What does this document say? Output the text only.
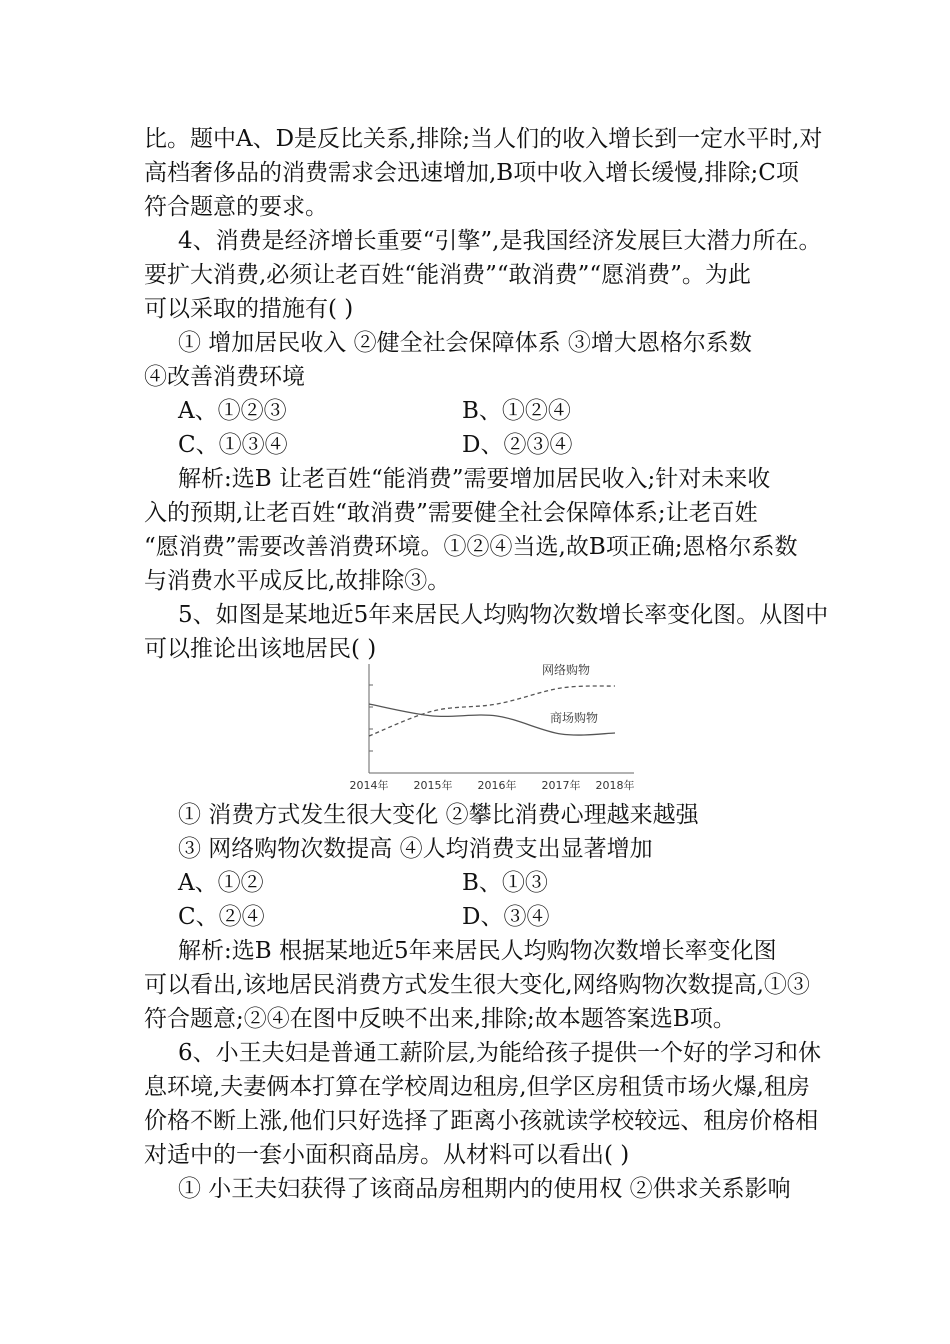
比。题中A、D是反比关系,排除;当人们的收入增长到一定水平时,对
高档奢侈品的消费需求会迅速增加,B项中收入增长缓慢,排除;C项
符合题意的要求。
4、消费是经济增长重要“引擎”,是我国经济发展巨大潜力所在。
要扩大消费,必须让老百姓“能消费”“敢消费”“愿消费”。为此
可以采取的措施有( )
① 增加居民收入 ②健全社会保障体系 ③增大恩格尔系数
④改善消费环境
A、①②③	B、①②④
C、①③④	D、②③④
解析:选B 让老百姓“能消费”需要增加居民收入;针对未来收
入的预期,让老百姓“敢消费”需要健全社会保障体系;让老百姓
“愿消费”需要改善消费环境。①②④当选,故B项正确;恩格尔系数
与消费水平成反比,故排除③。
5、如图是某地近5年来居民人均购物次数增长率变化图。从图中
可以推论出该地居民( )
网络购物
商场购物
2014年 2015年 2016年 2017年 2018年
① 消费方式发生很大变化 ②攀比消费心理越来越强
③ 网络购物次数提高 ④人均消费支出显著增加
A、①②	B、①③
C、②④	D、③④
解析:选B 根据某地近5年来居民人均购物次数增长率变化图
可以看出,该地居民消费方式发生很大变化,网络购物次数提高,①③
符合题意;②④在图中反映不出来,排除;故本题答案选B项。
6、小王夫妇是普通工薪阶层,为能给孩子提供一个好的学习和休
息环境,夫妻俩本打算在学校周边租房,但学区房租赁市场火爆,租房
价格不断上涨,他们只好选择了距离小孩就读学校较远、租房价格相
对适中的一套小面积商品房。从材料可以看出( )
① 小王夫妇获得了该商品房租期内的使用权 ②供求关系影响
